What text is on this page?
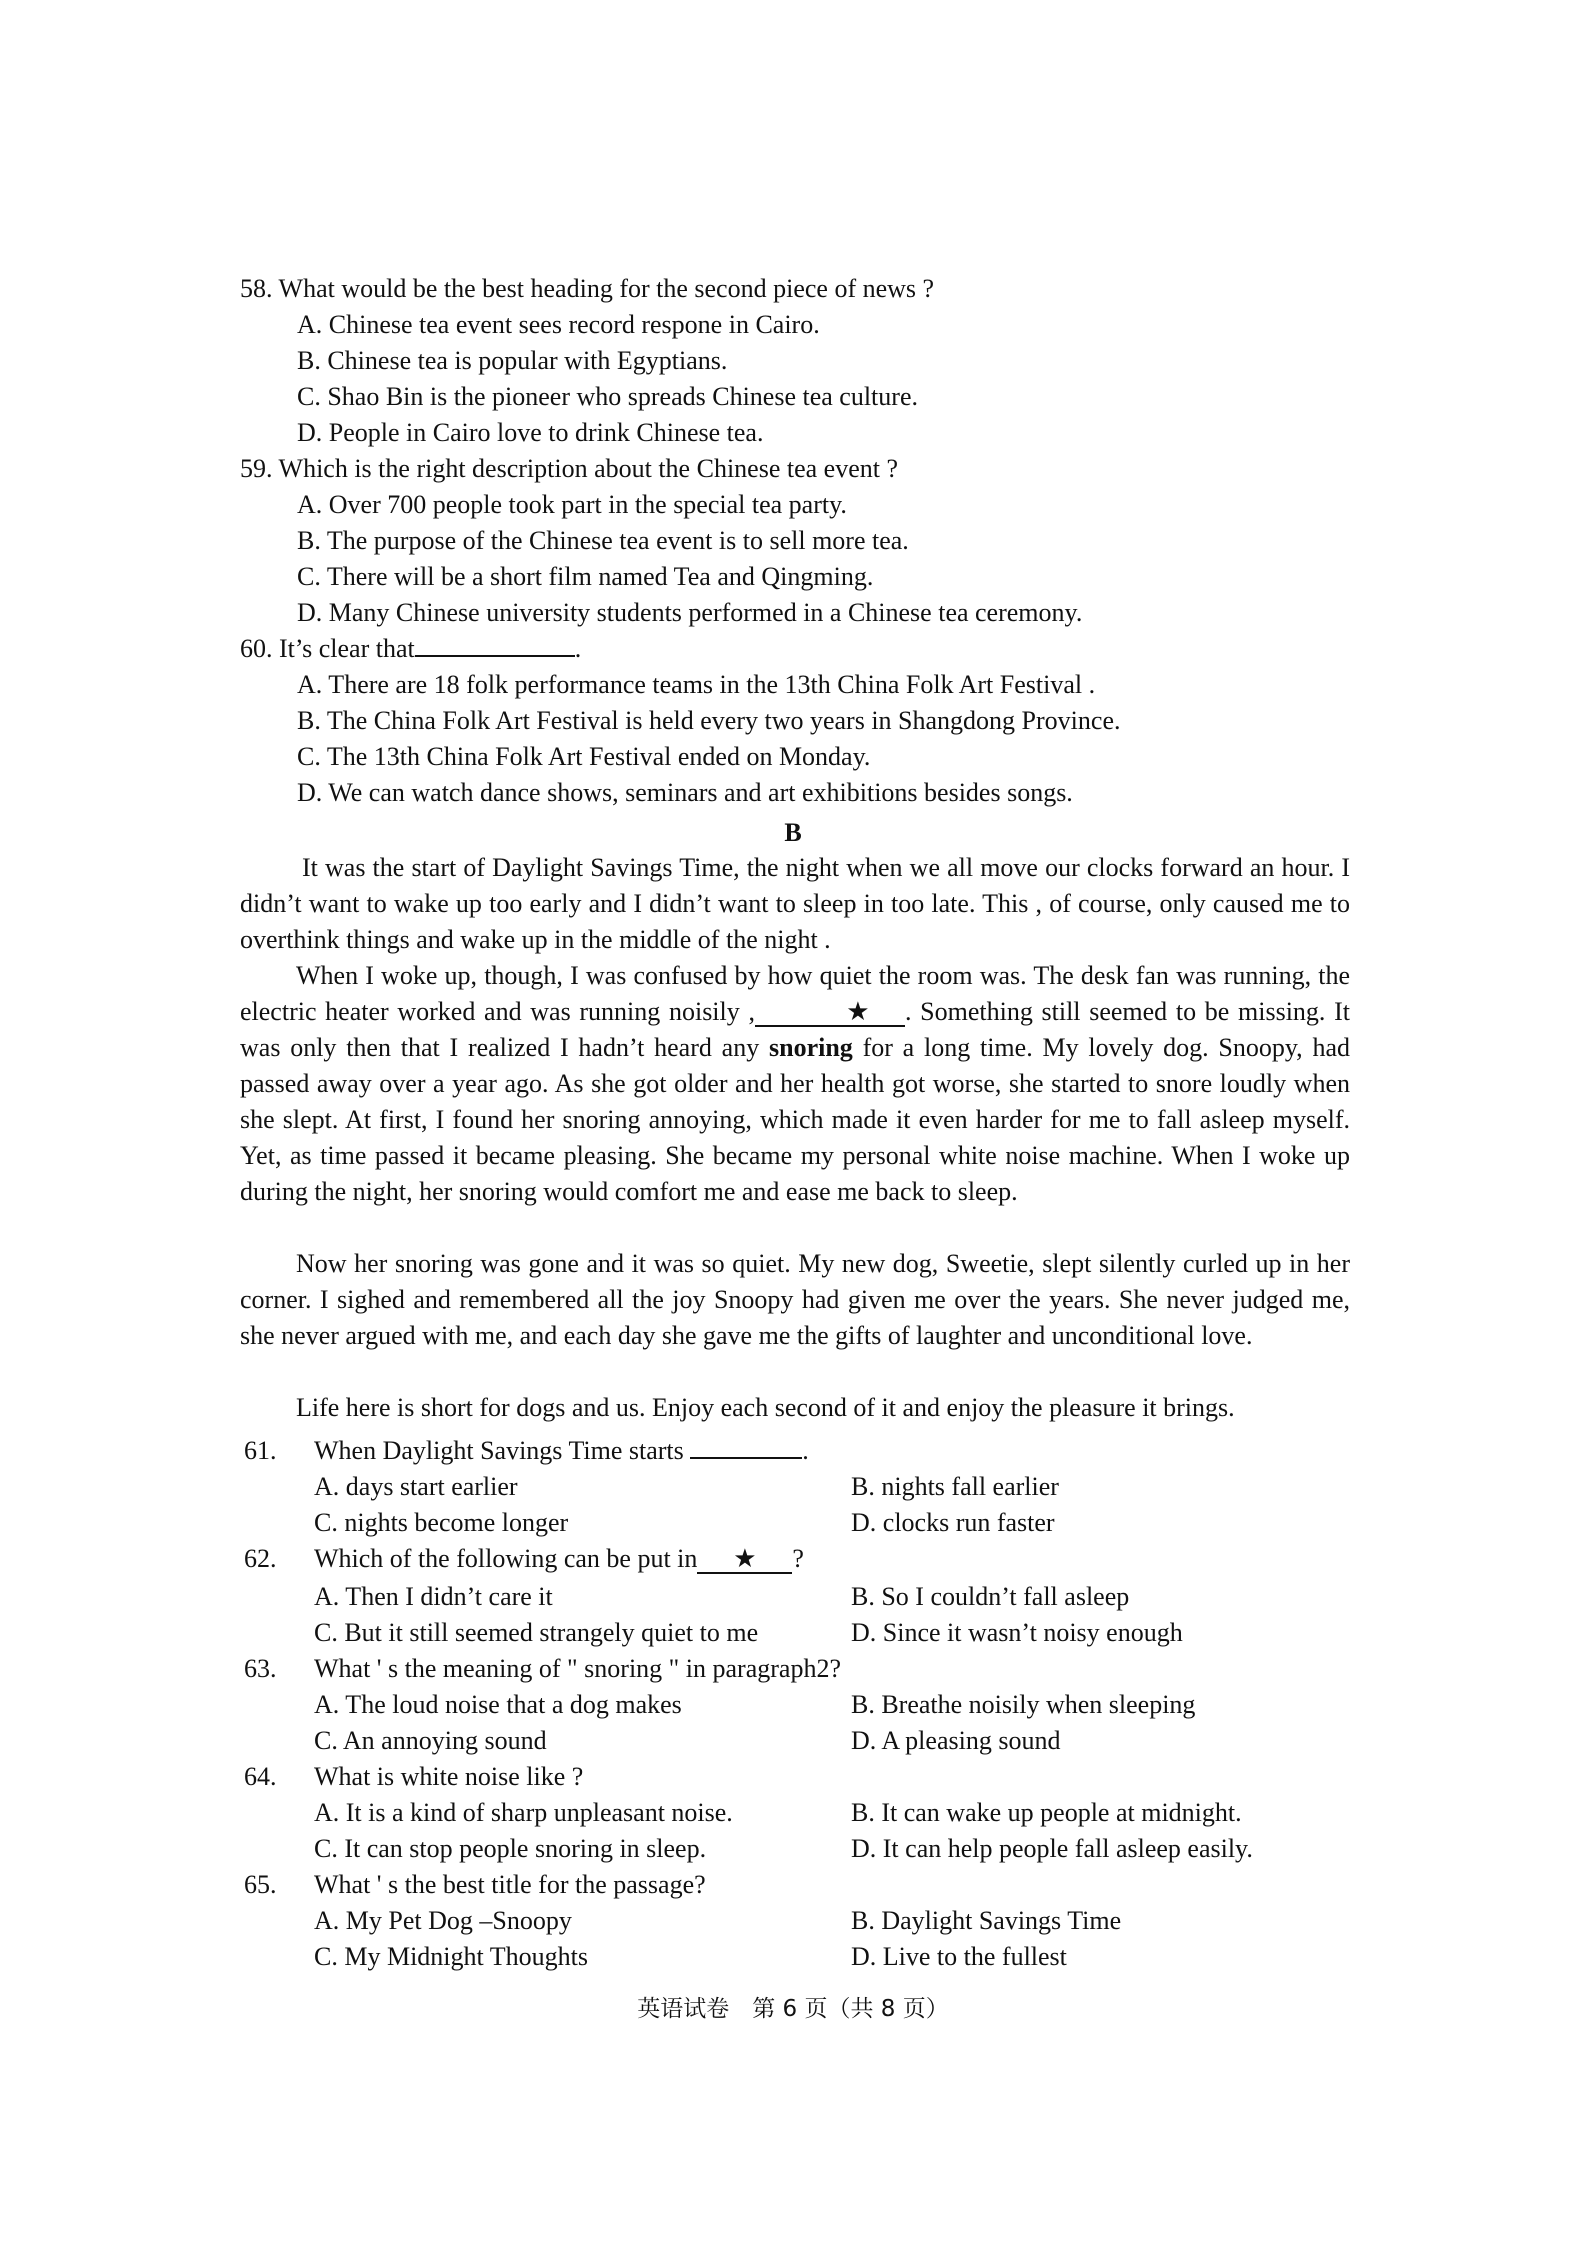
58. What would be the best heading for the second piece of news ?
A. Chinese tea event sees record respone in Cairo.
B. Chinese tea is popular with Egyptians.
C. Shao Bin is the pioneer who spreads Chinese tea culture.
D. People in Cairo love to drink Chinese tea.
59. Which is the right description about the Chinese tea event ?
A. Over 700 people took part in the special tea party.
B. The purpose of the Chinese tea event is to sell more tea.
C. There will be a short film named Tea and Qingming.
D. Many Chinese university students performed in a Chinese tea ceremony.
60. It’s clear that	.
A. There are 18 folk performance teams in the 13th China Folk Art Festival .
B. The China Folk Art Festival is held every two years in Shangdong Province.
C. The 13th China Folk Art Festival ended on Monday.
D. We can watch dance shows, seminars and art exhibitions besides songs.
B
It was the start of Daylight Savings Time, the night when we all move our clocks forward an hour. I didn’t want to wake up too early and I didn’t want to sleep in too late. This , of course, only caused me to overthink things and wake up in the middle of the night .
When I woke up, though, I was confused by how quiet the room was. The desk fan was running, the electric heater worked and was running noisily ,	★ . Something still seemed to be missing. It was only then that I realized I hadn’t heard any snoring for a long time. My lovely dog. Snoopy, had passed away over a year ago. As she got older and her health got worse, she started to snore loudly when she slept. At first, I found her snoring annoying, which made it even harder for me to fall asleep myself. Yet, as time passed it became pleasing. She became my personal white noise machine. When I woke up during the night, her snoring would comfort me and ease me back to sleep.
Now her snoring was gone and it was so quiet. My new dog, Sweetie, slept silently curled up in her corner. I sighed and remembered all the joy Snoopy had given me over the years. She never judged me, she never argued with me, and each day she gave me the gifts of laughter and unconditional love.
Life here is short for dogs and us. Enjoy each second of it and enjoy the pleasure it brings.
61. When Daylight Savings Time starts	.
A. days start earlier	B. nights fall earlier
C. nights become longer	D. clocks run faster
62. Which of the following can be put in ★ ?
A. Then I didn’t care it	B. So I couldn’t fall asleep
C. But it still seemed strangely quiet to me	D. Since it wasn’t noisy enough
63. What ' s the meaning of " snoring " in paragraph2?
A. The loud noise that a dog makes	B. Breathe noisily when sleeping
C. An annoying sound	D. A pleasing sound
64. What is white noise like ?
A. It is a kind of sharp unpleasant noise.	B. It can wake up people at midnight.
C. It can stop people snoring in sleep.	D. It can help people fall asleep easily.
65. What ' s the best title for the passage?
A. My Pet Dog –Snoopy	B. Daylight Savings Time
C. My Midnight Thoughts	D. Live to the fullest
英语试卷　第 6 页（共 8 页）
